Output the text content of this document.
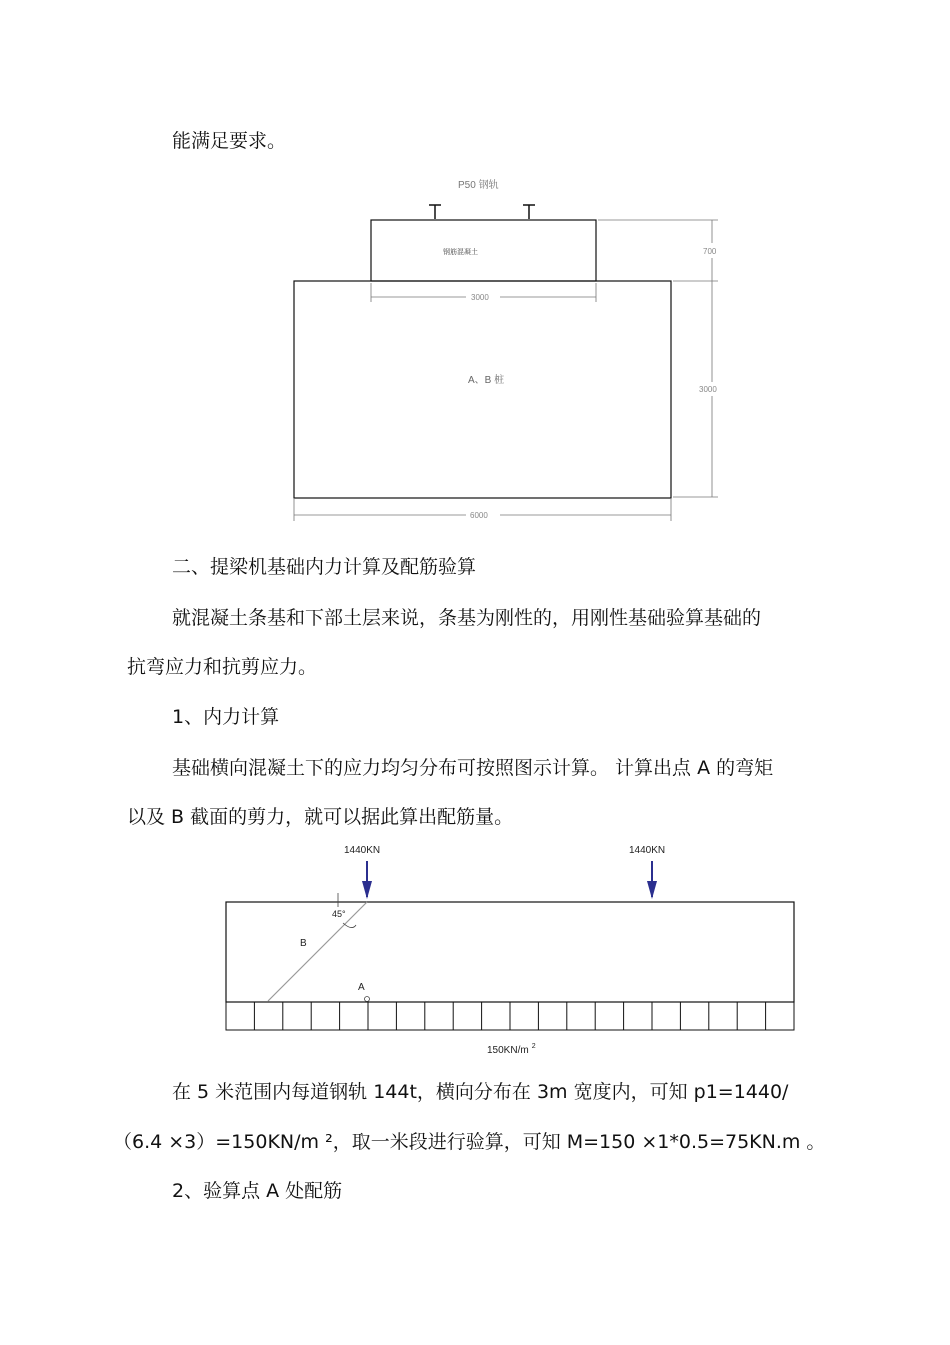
能满足要求。
P50 钢轨
钢筋混凝土
A、B 桩
3000
700
3000
6000
二、提梁机基础内力计算及配筋验算
就混凝土条基和下部土层来说，条基为刚性的，用刚性基础验算基础的
抗弯应力和抗剪应力。
1、内力计算
基础横向混凝土下的应力均匀分布可按照图示计算。 计算出点 A 的弯矩
以及 B 截面的剪力，就可以据此算出配筋量。
1440KN	1440KN
45°
B
A
150KN/m $^2$
在 5 米范围内每道钢轨 144t，横向分布在 3m 宽度内，可知 p1=1440/
（6.4 ×3）=150KN/m ²，取一米段进行验算，可知 M=150 ×1*0.5=75KN.m 。
2、验算点 A 处配筋
